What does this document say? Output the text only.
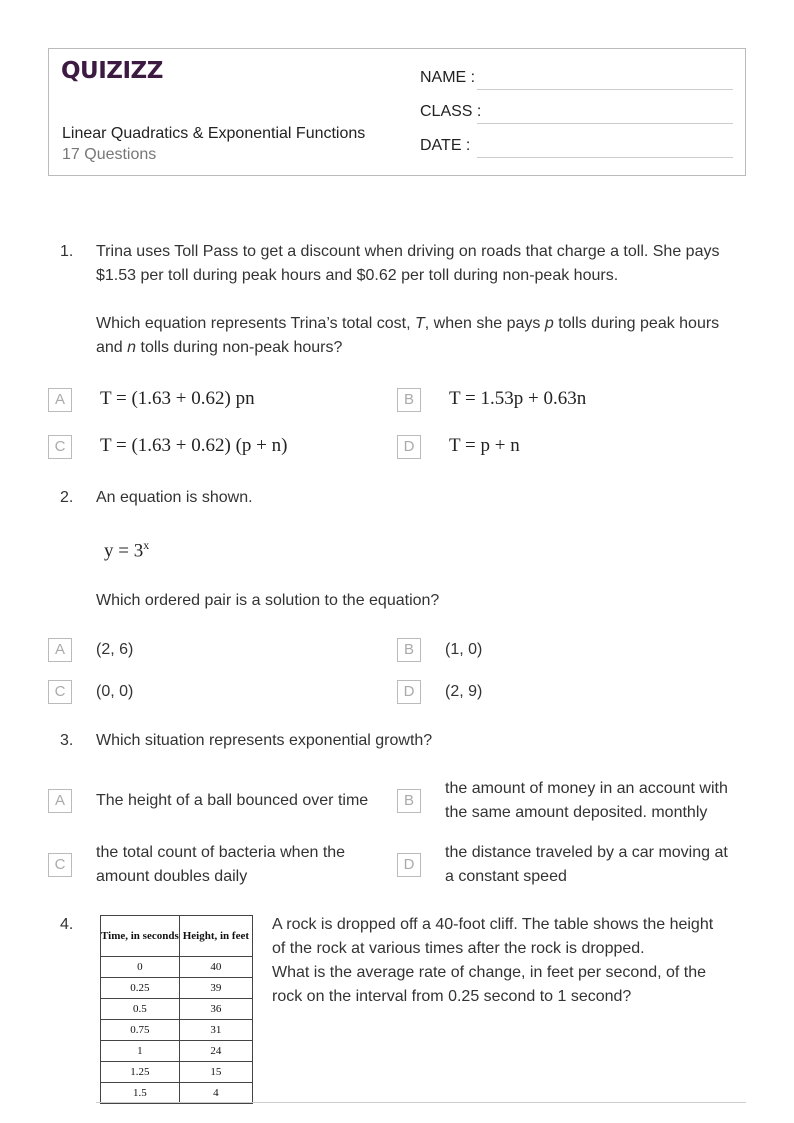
QUIZIZZ
Linear Quadratics & Exponential Functions
17 Questions
NAME :
CLASS :
DATE :
1. Trina uses Toll Pass to get a discount when driving on roads that charge a toll. She pays
$1.53 per toll during peak hours and $0.62 per toll during non-peak hours.
Which equation represents Trina’s total cost, T, when she pays p tolls during peak hours
and n tolls during non-peak hours?
A	T = (1.63 + 0.62) pn	B	T = 1.53p + 0.63n
C	T = (1.63 + 0.62) (p + n)	D	T = p + n
2. An equation is shown.
$y = 3^x$
Which ordered pair is a solution to the equation?
A	(2, 6)	B	(1, 0)
C	(0, 0)	D	(2, 9)
3. Which situation represents exponential growth?
A	The height of a ball bounced over time	B
the amount of money in an account with
the same amount deposited. monthly
C
the total count of bacteria when the
amount doubles daily
D
the distance traveled by a car moving at
a constant speed
4.
Time, in seconds	Height, in feet
0	40
0.25	39
0.5	36
0.75	31
1	24
1.25	15
1.5	4
A rock is dropped off a 40-foot cliff. The table shows the height
of the rock at various times after the rock is dropped.
What is the average rate of change, in feet per second, of the
rock on the interval from 0.25 second to 1 second?
